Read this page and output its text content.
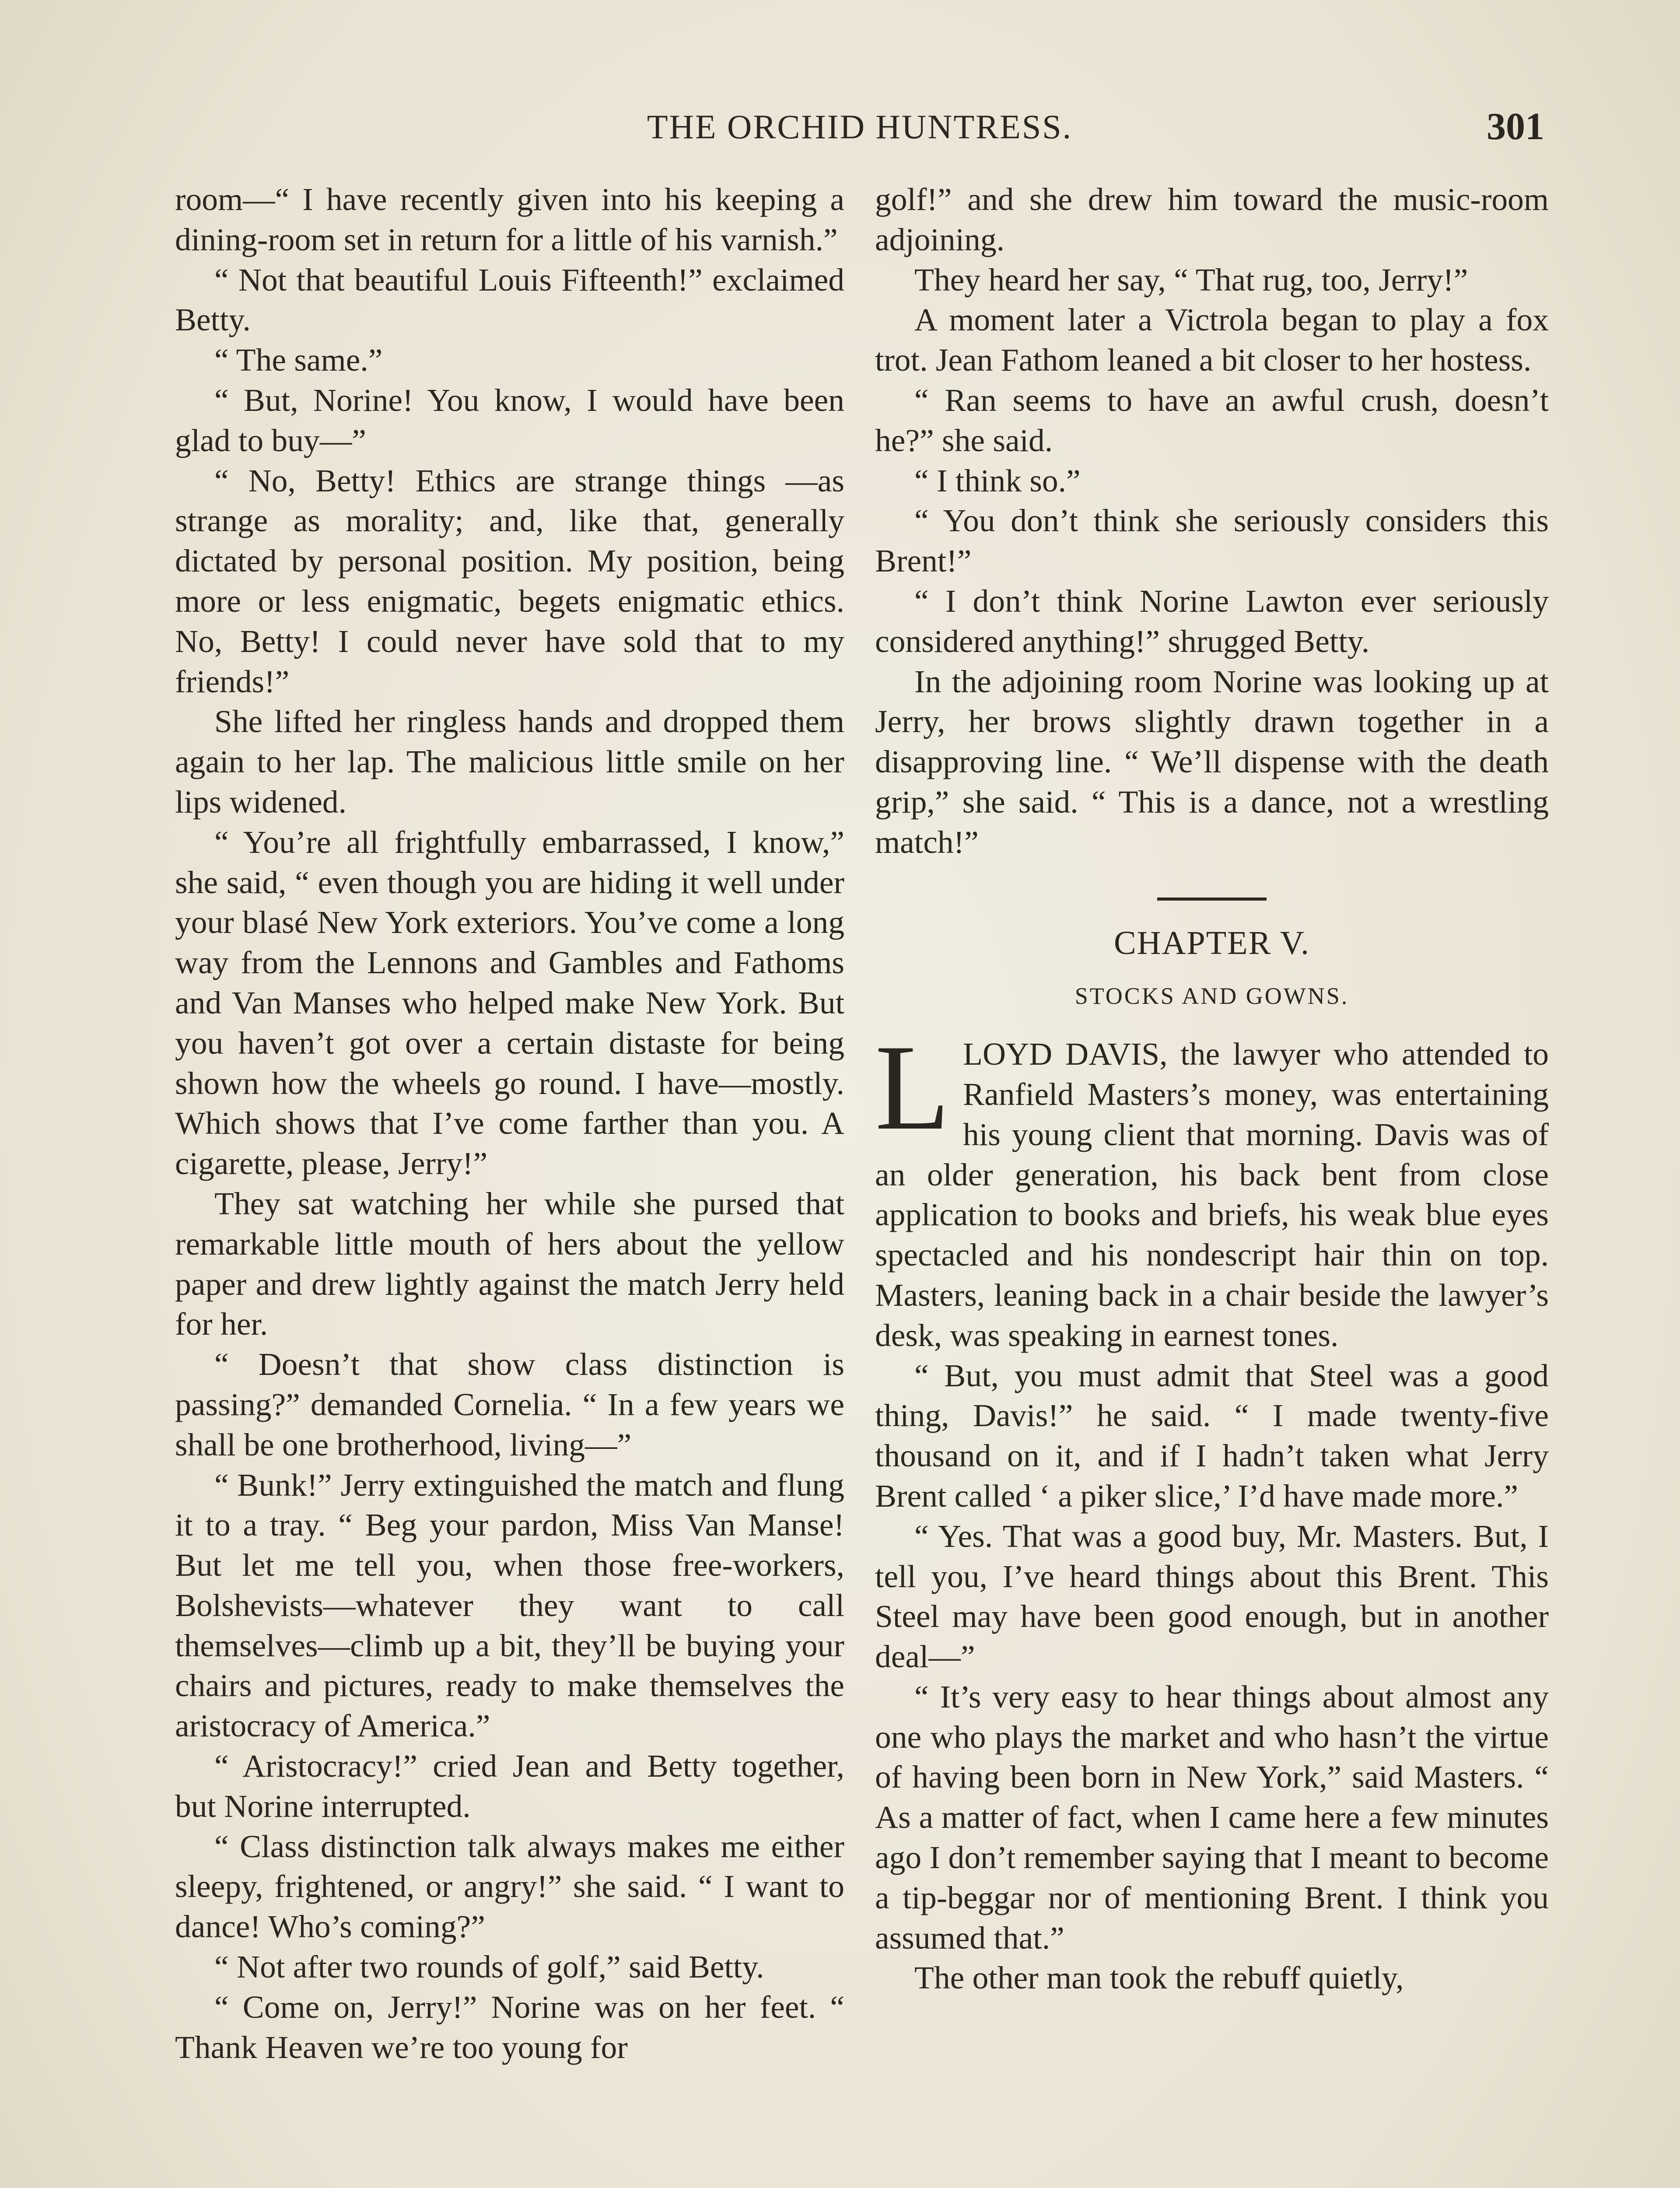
THE ORCHID HUNTRESS.	301

room—“ I have recently given into his keeping a dining-room set in return for a little of his varnish.”

“ Not that beautiful Louis Fifteenth!” exclaimed Betty.

“ The same.”

“ But, Norine! You know, I would have been glad to buy—”

“ No, Betty! Ethics are strange things —as strange as morality; and, like that, generally dictated by personal position. My position, being more or less enigmatic, begets enigmatic ethics. No, Betty! I could never have sold that to my friends!”

She lifted her ringless hands and dropped them again to her lap. The malicious little smile on her lips widened.

“ You’re all frightfully embarrassed, I know,” she said, “ even though you are hiding it well under your blasé New York exteriors. You’ve come a long way from the Lennons and Gambles and Fathoms and Van Manses who helped make New York. But you haven’t got over a certain distaste for being shown how the wheels go round. I have—mostly. Which shows that I’ve come farther than you. A cigarette, please, Jerry!”

They sat watching her while she pursed that remarkable little mouth of hers about the yellow paper and drew lightly against the match Jerry held for her.

“ Doesn’t that show class distinction is passing?” demanded Cornelia. “ In a few years we shall be one brotherhood, living—”

“ Bunk!” Jerry extinguished the match and flung it to a tray. “ Beg your pardon, Miss Van Manse! But let me tell you, when those free-workers, Bolshevists—whatever they want to call themselves—climb up a bit, they’ll be buying your chairs and pictures, ready to make themselves the aristocracy of America.”

“ Aristocracy!” cried Jean and Betty together, but Norine interrupted.

“ Class distinction talk always makes me either sleepy, frightened, or angry!” she said. “ I want to dance! Who’s coming?”

“ Not after two rounds of golf,” said Betty.

“ Come on, Jerry!” Norine was on her feet. “ Thank Heaven we’re too young for

golf!” and she drew him toward the music-room adjoining.

They heard her say, “ That rug, too, Jerry!”

A moment later a Victrola began to play a fox trot. Jean Fathom leaned a bit closer to her hostess.

“ Ran seems to have an awful crush, doesn’t he?” she said.

“ I think so.”

“ You don’t think she seriously considers this Brent!”

“ I don’t think Norine Lawton ever seriously considered anything!” shrugged Betty.

In the adjoining room Norine was looking up at Jerry, her brows slightly drawn together in a disapproving line. “ We’ll dispense with the death grip,” she said. “ This is a dance, not a wrestling match!”

CHAPTER V.
STOCKS AND GOWNS.

LLOYD DAVIS, the lawyer who attended to Ranfield Masters’s money, was entertaining his young client that morning. Davis was of an older generation, his back bent from close application to books and briefs, his weak blue eyes spectacled and his nondescript hair thin on top. Masters, leaning back in a chair beside the lawyer’s desk, was speaking in earnest tones.

“ But, you must admit that Steel was a good thing, Davis!” he said. “ I made twenty-five thousand on it, and if I hadn’t taken what Jerry Brent called ‘ a piker slice,’ I’d have made more.”

“ Yes. That was a good buy, Mr. Masters. But, I tell you, I’ve heard things about this Brent. This Steel may have been good enough, but in another deal—”

“ It’s very easy to hear things about almost any one who plays the market and who hasn’t the virtue of having been born in New York,” said Masters. “ As a matter of fact, when I came here a few minutes ago I don’t remember saying that I meant to become a tip-beggar nor of mentioning Brent. I think you assumed that.”

The other man took the rebuff quietly,
